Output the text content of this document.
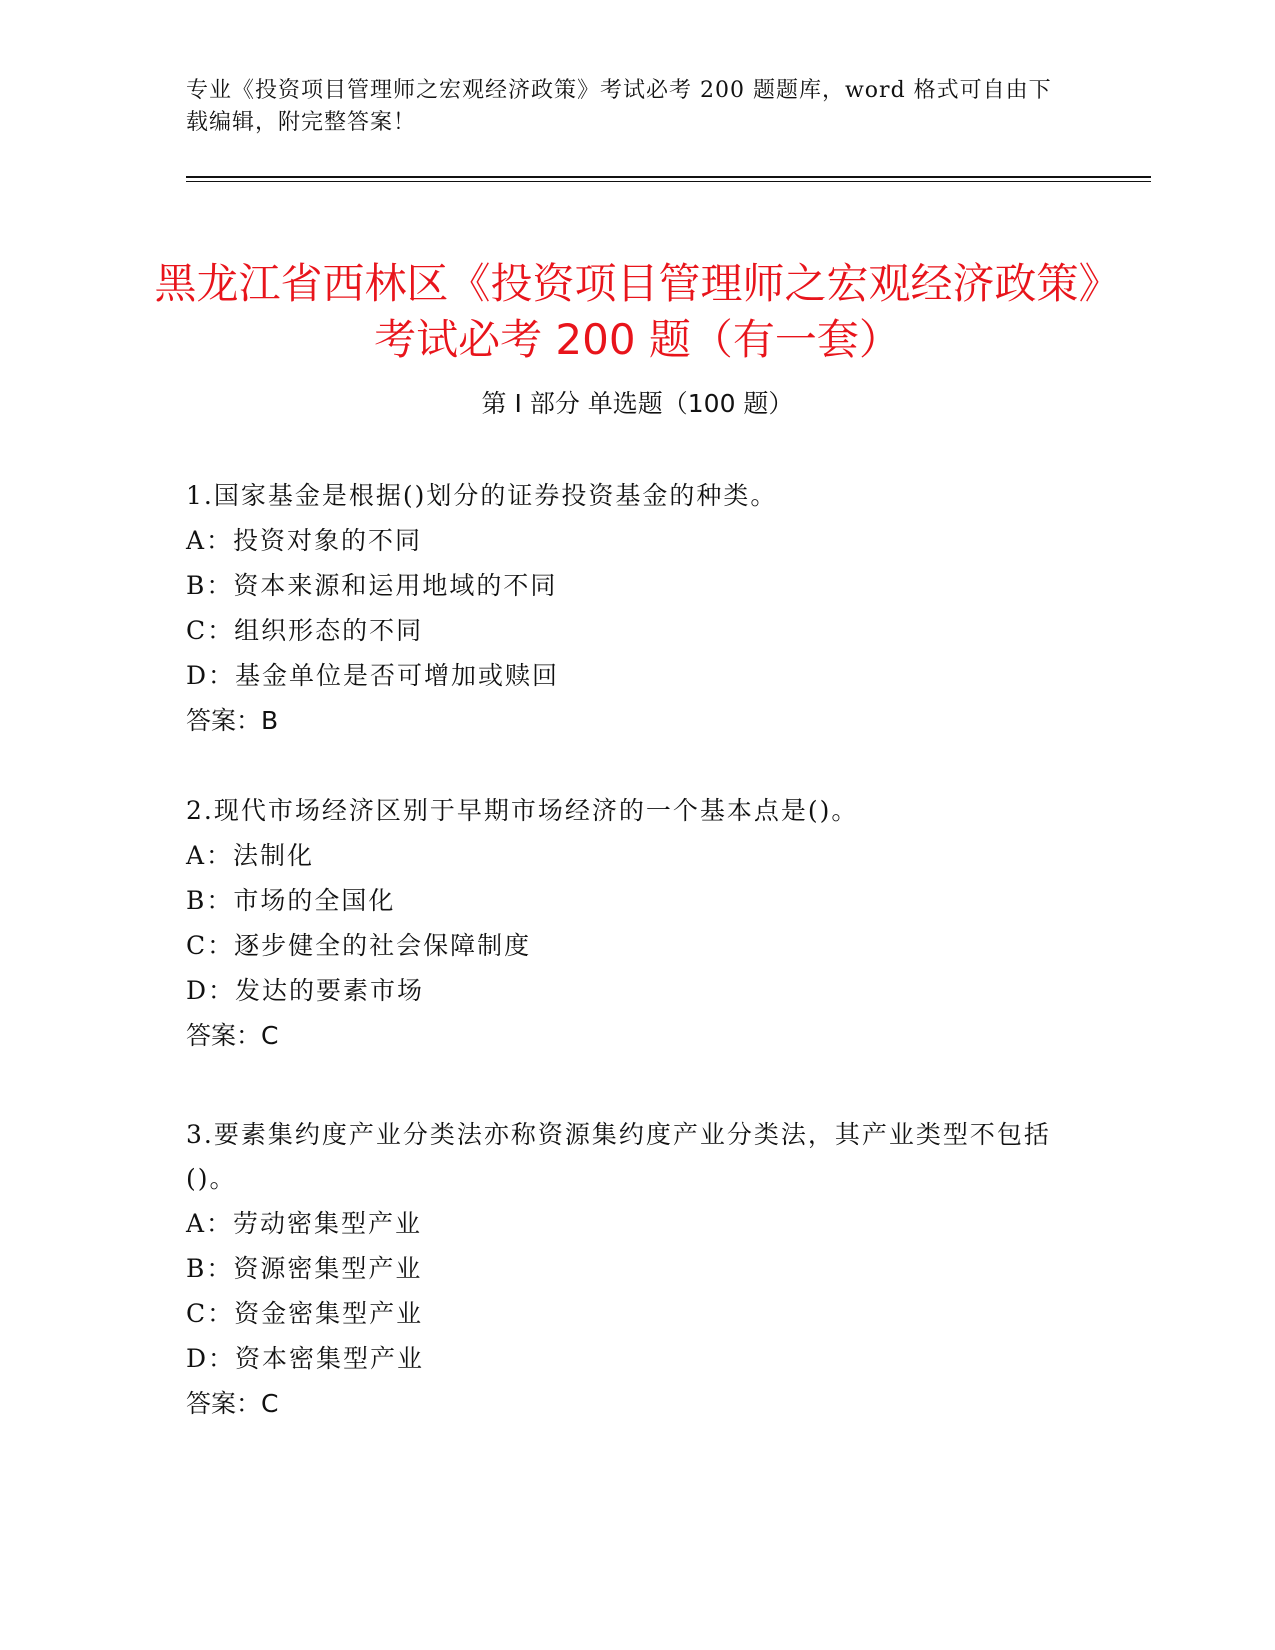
专业《投资项目管理师之宏观经济政策》考试必考 200 题题库，word 格式可自由下载编辑，附完整答案！
黑龙江省西林区《投资项目管理师之宏观经济政策》考试必考 200 题（有一套）
第 I 部分 单选题（100 题）

1.国家基金是根据()划分的证券投资基金的种类。

A：投资对象的不同

B：资本来源和运用地域的不同

C：组织形态的不同

D：基金单位是否可增加或赎回

答案：B

2.现代市场经济区别于早期市场经济的一个基本点是()。

A：法制化

B：市场的全国化

C：逐步健全的社会保障制度

D：发达的要素市场

答案：C

3.要素集约度产业分类法亦称资源集约度产业分类法，其产业类型不包括()。

A：劳动密集型产业

B：资源密集型产业

C：资金密集型产业

D：资本密集型产业

答案：C
